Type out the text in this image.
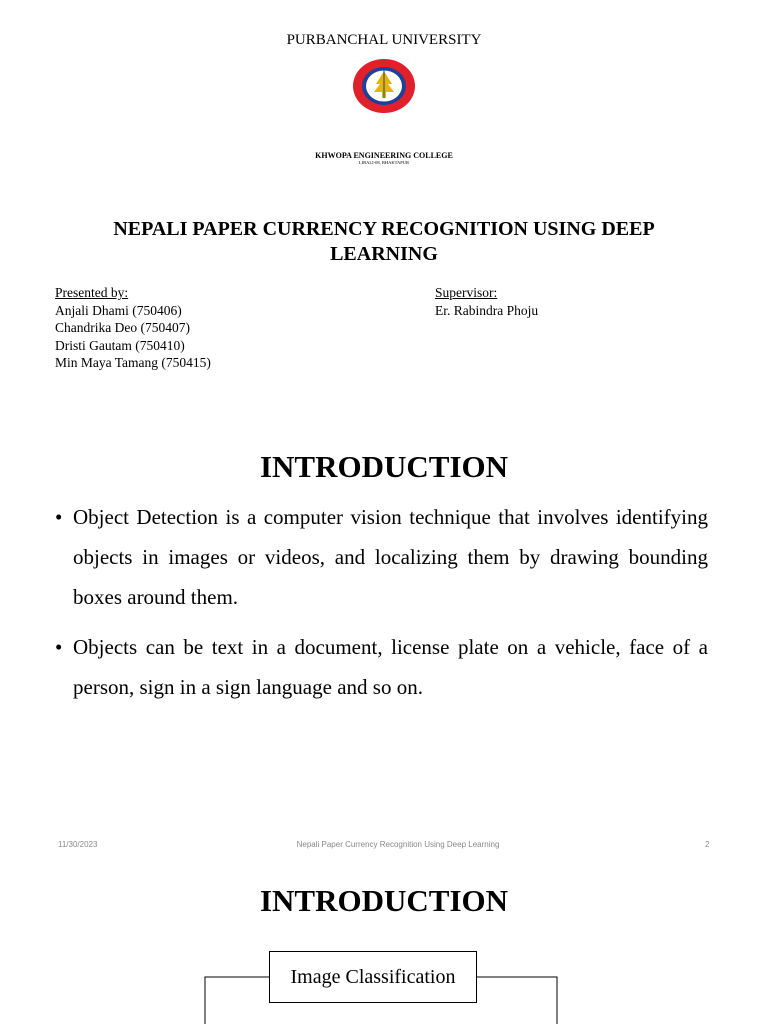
PURBANCHAL UNIVERSITY
KHWOPA ENGINEERING COLLEGE
LIBALI-08, BHAKTAPUR
NEPALI PAPER CURRENCY RECOGNITION USING DEEP LEARNING
Presented by:
Anjali Dhami (750406)
Chandrika Deo (750407)
Dristi Gautam (750410)
Min Maya Tamang (750415)
Supervisor:
Er. Rabindra Phoju
INTRODUCTION
• Object Detection is a computer vision technique that involves identifying objects in images or videos, and localizing them by drawing bounding boxes around them.
• Objects can be text in a document, license plate on a vehicle, face of a person, sign in a sign language and so on.
11/30/2023	Nepali Paper Currency Recognition Using Deep Learning	2
INTRODUCTION
Image Classification
